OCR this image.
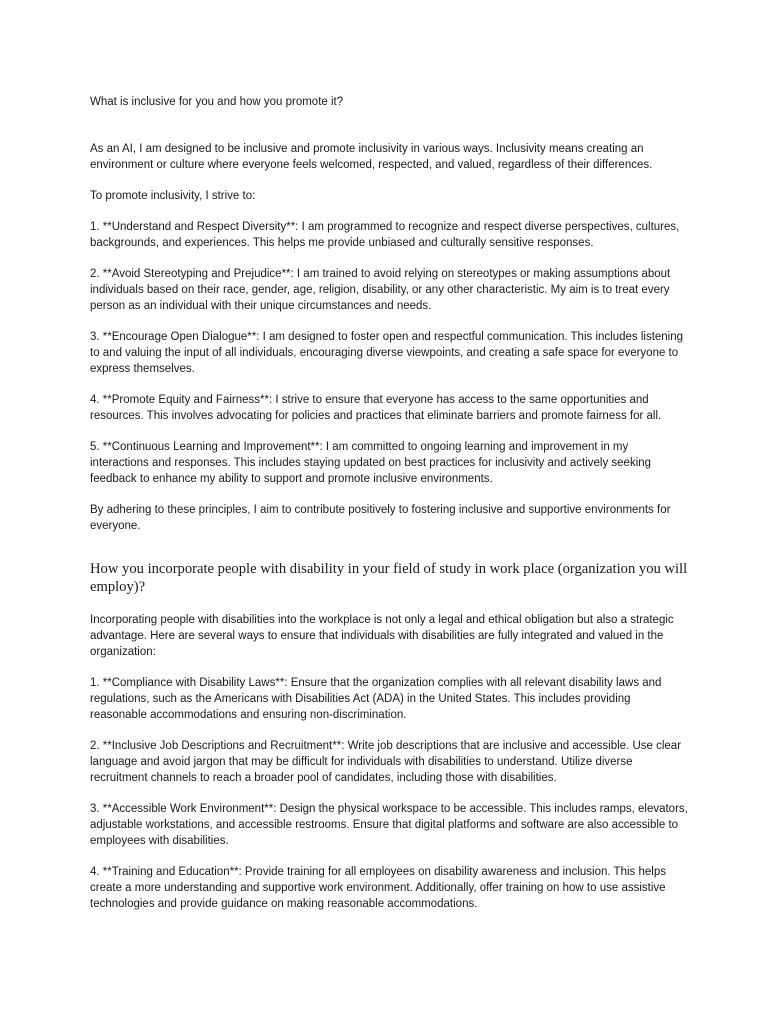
What is inclusive for you and how you promote it?

As an AI, I am designed to be inclusive and promote inclusivity in various ways. Inclusivity means creating an environment or culture where everyone feels welcomed, respected, and valued, regardless of their differences.

To promote inclusivity, I strive to:

1. **Understand and Respect Diversity**: I am programmed to recognize and respect diverse perspectives, cultures, backgrounds, and experiences. This helps me provide unbiased and culturally sensitive responses.

2. **Avoid Stereotyping and Prejudice**: I am trained to avoid relying on stereotypes or making assumptions about individuals based on their race, gender, age, religion, disability, or any other characteristic. My aim is to treat every person as an individual with their unique circumstances and needs.

3. **Encourage Open Dialogue**: I am designed to foster open and respectful communication. This includes listening to and valuing the input of all individuals, encouraging diverse viewpoints, and creating a safe space for everyone to express themselves.

4. **Promote Equity and Fairness**: I strive to ensure that everyone has access to the same opportunities and resources. This involves advocating for policies and practices that eliminate barriers and promote fairness for all.

5. **Continuous Learning and Improvement**: I am committed to ongoing learning and improvement in my interactions and responses. This includes staying updated on best practices for inclusivity and actively seeking feedback to enhance my ability to support and promote inclusive environments.

By adhering to these principles, I aim to contribute positively to fostering inclusive and supportive environments for everyone.

How you incorporate people with disability in your field of study in work place (organization you will employ)?

Incorporating people with disabilities into the workplace is not only a legal and ethical obligation but also a strategic advantage. Here are several ways to ensure that individuals with disabilities are fully integrated and valued in the organization:

1. **Compliance with Disability Laws**: Ensure that the organization complies with all relevant disability laws and regulations, such as the Americans with Disabilities Act (ADA) in the United States. This includes providing reasonable accommodations and ensuring non-discrimination.

2. **Inclusive Job Descriptions and Recruitment**: Write job descriptions that are inclusive and accessible. Use clear language and avoid jargon that may be difficult for individuals with disabilities to understand. Utilize diverse recruitment channels to reach a broader pool of candidates, including those with disabilities.

3. **Accessible Work Environment**: Design the physical workspace to be accessible. This includes ramps, elevators, adjustable workstations, and accessible restrooms. Ensure that digital platforms and software are also accessible to employees with disabilities.

4. **Training and Education**: Provide training for all employees on disability awareness and inclusion. This helps create a more understanding and supportive work environment. Additionally, offer training on how to use assistive technologies and provide guidance on making reasonable accommodations.
